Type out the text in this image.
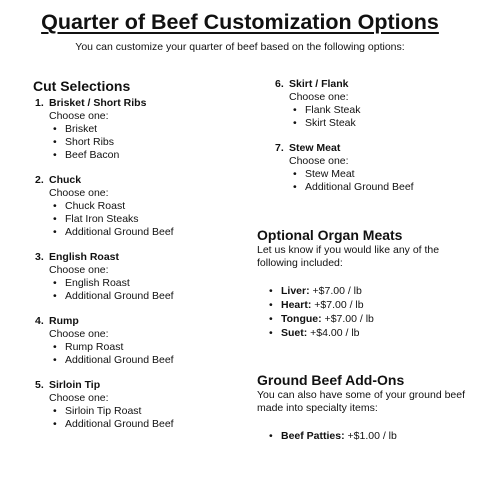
Quarter of Beef Customization Options
You can customize your quarter of beef based on the following options:
Cut Selections
1. Brisket / Short Ribs
Choose one:
• Brisket
• Short Ribs
• Beef Bacon
2. Chuck
Choose one:
• Chuck Roast
• Flat Iron Steaks
• Additional Ground Beef
3. English Roast
Choose one:
• English Roast
• Additional Ground Beef
4. Rump
Choose one:
• Rump Roast
• Additional Ground Beef
5. Sirloin Tip
Choose one:
• Sirloin Tip Roast
• Additional Ground Beef
6. Skirt / Flank
Choose one:
• Flank Steak
• Skirt Steak
7. Stew Meat
Choose one:
• Stew Meat
• Additional Ground Beef
Optional Organ Meats
Let us know if you would like any of the following included:
• Liver: +$7.00 / lb
• Heart: +$7.00 / lb
• Tongue: +$7.00 / lb
• Suet: +$4.00 / lb
Ground Beef Add-Ons
You can also have some of your ground beef made into specialty items:
• Beef Patties: +$1.00 / lb
